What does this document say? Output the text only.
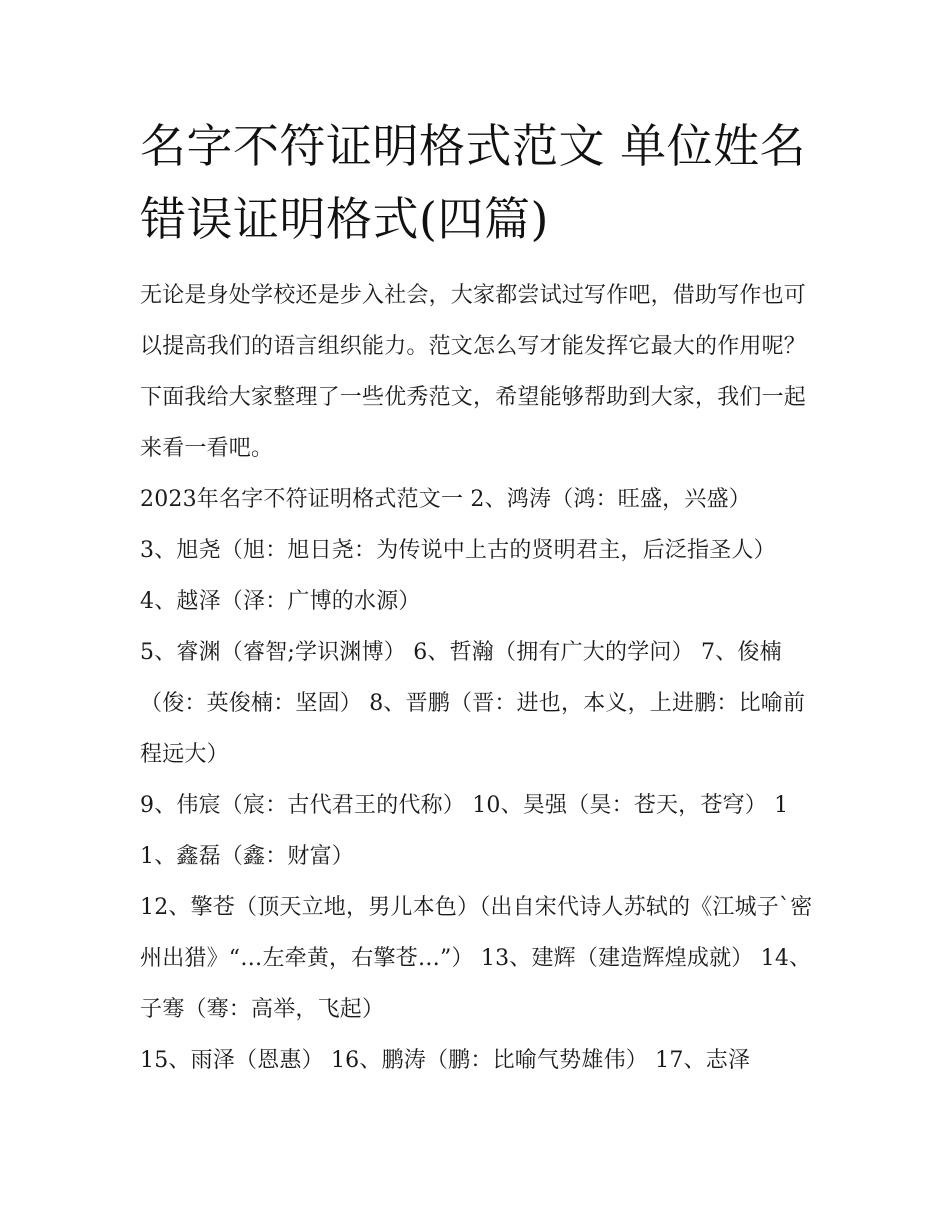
名字不符证明格式范文 单位姓名错误证明格式(四篇)

无论是身处学校还是步入社会，大家都尝试过写作吧，借助写作也可以提高我们的语言组织能力。范文怎么写才能发挥它最大的作用呢？下面我给大家整理了一些优秀范文，希望能够帮助到大家，我们一起来看一看吧。

2023年名字不符证明格式范文一 2、鸿涛（鸿：旺盛，兴盛）

3、旭尧（旭：旭日尧：为传说中上古的贤明君主，后泛指圣人） 4、越泽（泽：广博的水源）

5、睿渊（睿智;学识渊博） 6、哲瀚（拥有广大的学问） 7、俊楠（俊：英俊楠：坚固） 8、晋鹏（晋：进也，本义，上进鹏：比喻前程远大）

9、伟宸（宸：古代君王的代称） 10、昊强（昊：苍天，苍穹） 11、鑫磊（鑫：财富）

12、擎苍（顶天立地，男儿本色）（出自宋代诗人苏轼的《江城子`密州出猎》“…左牵黄，右擎苍…”） 13、建辉（建造辉煌成就） 14、子骞（骞：高举，飞起）

15、雨泽（恩惠） 16、鹏涛（鹏：比喻气势雄伟） 17、志泽
